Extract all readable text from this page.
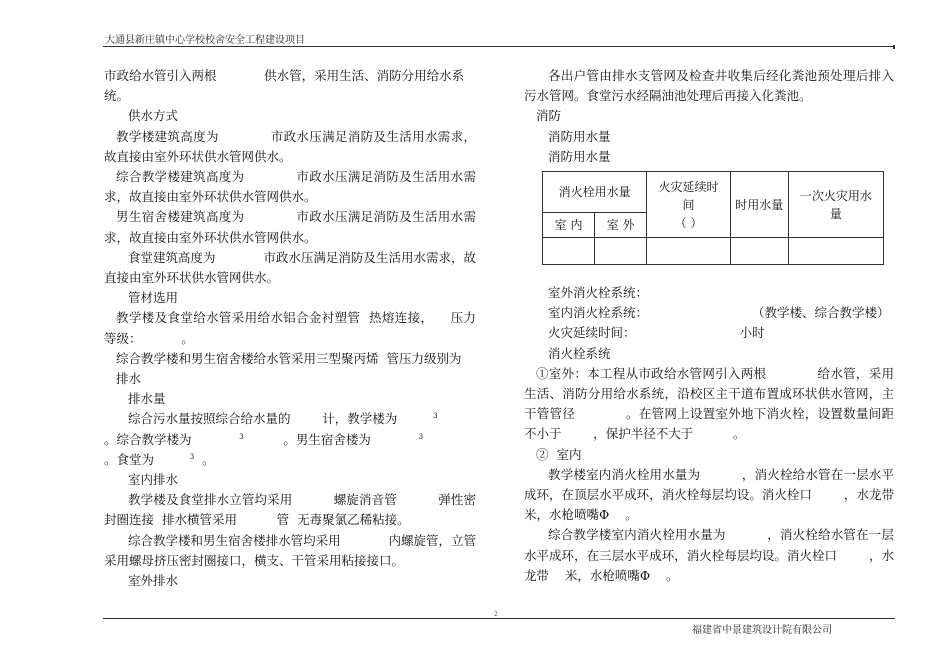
大通县新庄镇中心学校校舍安全工程建设项目

市政给水管引入两根            供水管，采用生活、消防分用给水系统。

供水方式

教学楼建筑高度为            市政水压满足消防及生活用水需求，故直接由室外环状供水管网供水。

综合教学楼建筑高度为            市政水压满足消防及生活用水需求，故直接由室外环状供水管网供水。

男生宿舍楼建筑高度为            市政水压满足消防及生活用水需求，故直接由室外环状供水管网供水。

食堂建筑高度为            市政水压满足消防及生活用水需求，故直接由室外环状供水管网供水。

管材选用

教学楼及食堂给水管采用给水铝合金衬塑管  热熔连接，    压力等级：          。

综合教学楼和男生宿舍楼给水管采用三型聚丙烯  管压力级别为

排水

排水量

综合污水量按照综合给水量的        计，教学楼为         $^3$            。综合教学楼为            $^3$          。男生宿舍楼为            $^3$            。食堂为         $^3$  。

室内排水

教学楼及食堂排水立管均采用          螺旋消音管          弹性密封圈连接  排水横管采用          管  无毒聚氯乙稀粘接。

综合教学楼和男生宿舍楼排水管均采用            内螺旋管，立管采用螺母挤压密封圈接口，横支、干管采用粘接接口。

室外排水

各出户管由排水支管网及检查井收集后经化粪池预处理后排入污水管网。食堂污水经隔油池处理后再接入化粪池。

消防

消防用水量

消防用水量

消火栓用水量		火灾延续时
间
（ ）	时用水量	一次火灾用水
量
室 内	室 外			

室外消火栓系统：

室内消火栓系统：	（教学楼、综合教学楼）

火灾延续时间：	小时

消火栓系统

①室外：本工程从市政给水管网引入两根            给水管，采用生活、消防分用给水系统，沿校区主干道布置成环状供水管网，主干管管径            。在管网上设置室外地下消火栓，设置数量间距不小于        ，保护半径不大于          。

②  室内

教学楼室内消火栓用水量为          ，消火栓给水管在一层水平成环，在顶层水平成环，消火栓每层均设。消火栓口        ，水龙带    米，水枪喷嘴Φ    。

综合教学楼室内消火栓用水量为          ，消火栓给水管在一层水平成环，在三层水平成环，消火栓每层均设。消火栓口        ，水龙带    米，水枪喷嘴Φ    。

2
福建省中景建筑设计院有限公司
